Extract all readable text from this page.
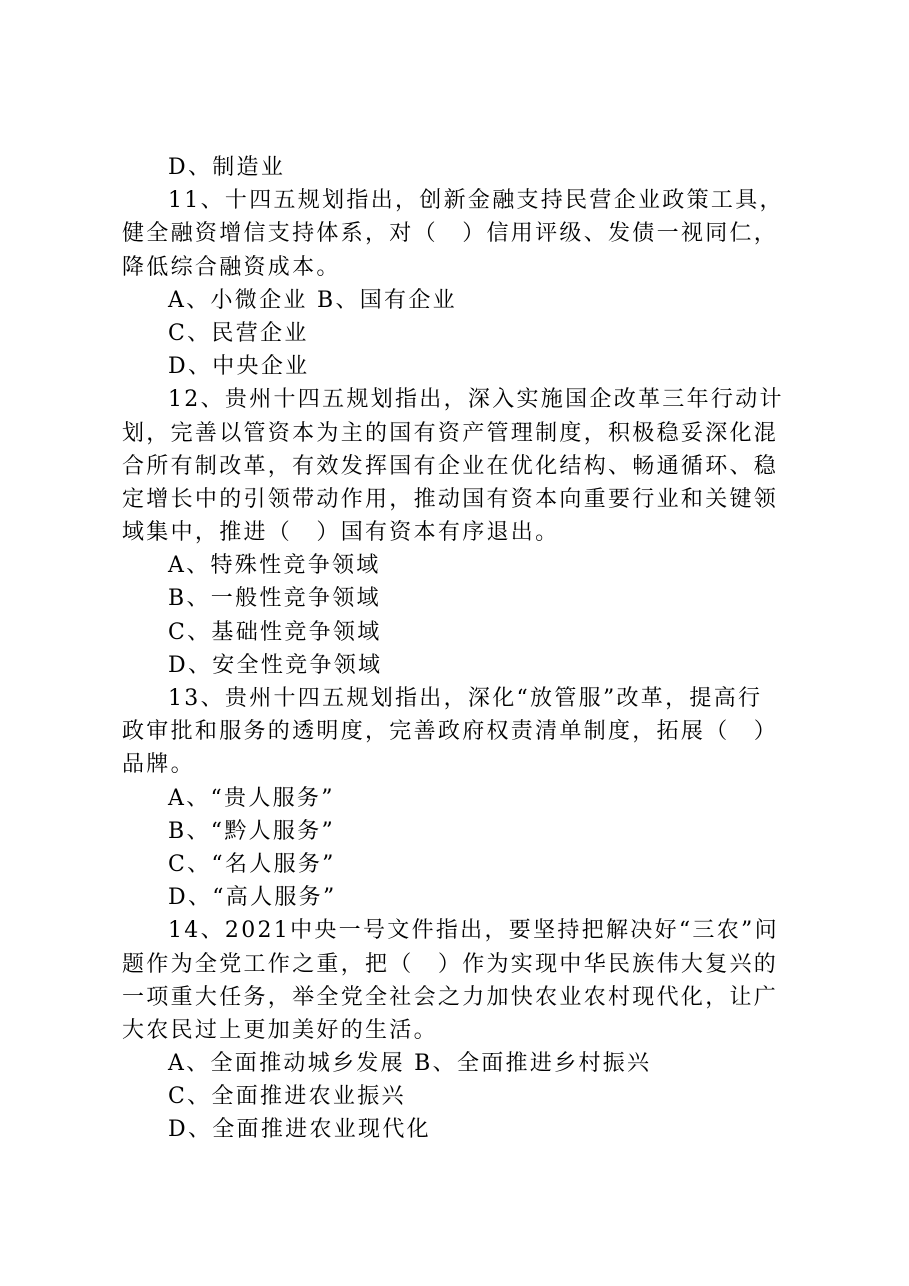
D、制造业
11、十四五规划指出，创新金融支持民营企业政策工具，
健全融资增信支持体系，对（　）信用评级、发债一视同仁，
降低综合融资成本。
A、小微企业 B、国有企业
C、民营企业
D、中央企业
12、贵州十四五规划指出，深入实施国企改革三年行动计
划，完善以管资本为主的国有资产管理制度，积极稳妥深化混
合所有制改革，有效发挥国有企业在优化结构、畅通循环、稳
定增长中的引领带动作用，推动国有资本向重要行业和关键领
域集中，推进（　）国有资本有序退出。
A、特殊性竞争领域
B、一般性竞争领域
C、基础性竞争领域
D、安全性竞争领域
13、贵州十四五规划指出，深化“放管服”改革，提高行
政审批和服务的透明度，完善政府权责清单制度，拓展（　）
品牌。
A、“贵人服务”
B、“黔人服务”
C、“名人服务”
D、“高人服务”
14、2021中央一号文件指出，要坚持把解决好“三农”问
题作为全党工作之重，把（　）作为实现中华民族伟大复兴的
一项重大任务，举全党全社会之力加快农业农村现代化，让广
大农民过上更加美好的生活。
A、全面推动城乡发展 B、全面推进乡村振兴
C、全面推进农业振兴
D、全面推进农业现代化
